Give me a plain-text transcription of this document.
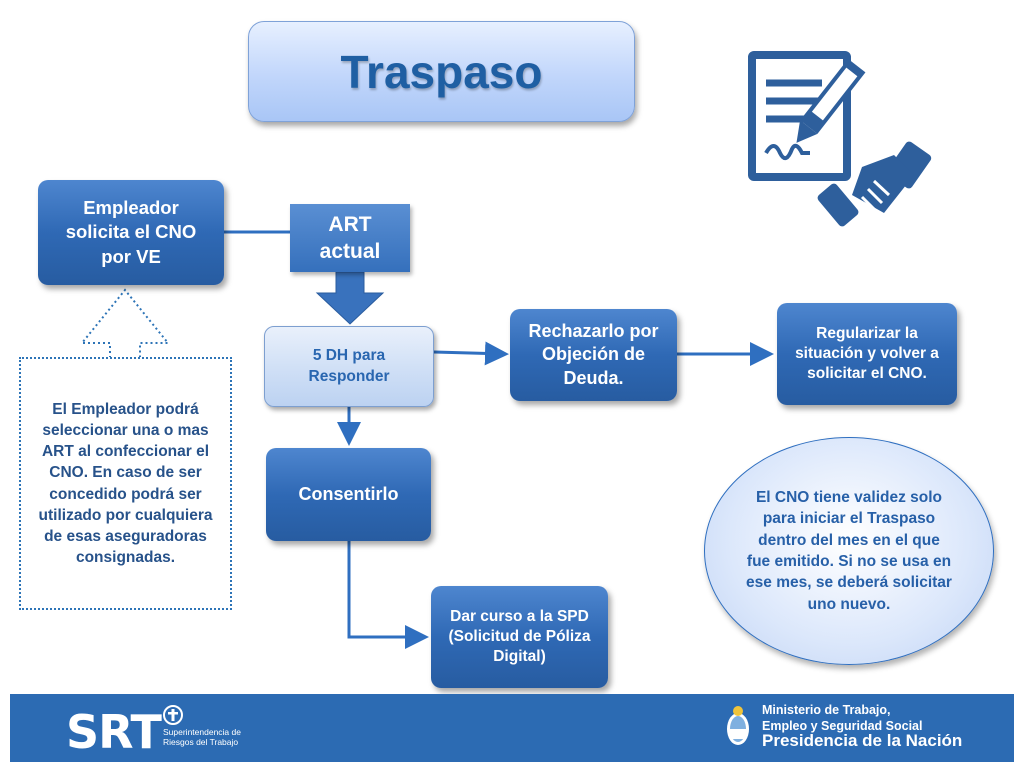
Traspaso
Empleador solicita el CNO por VE
ART actual
5 DH para Responder
Rechazarlo por Objeción de Deuda.
Regularizar la situación y volver a solicitar el CNO.
Consentirlo
Dar curso a la SPD (Solicitud de Póliza Digital)
El Empleador podrá seleccionar una o mas ART al confeccionar el CNO. En caso de ser concedido podrá ser utilizado por cualquiera de esas aseguradoras consignadas.
El CNO tiene validez solo para iniciar el Traspaso dentro del mes en el que fue emitido. Si no se usa en ese mes, se deberá solicitar uno nuevo.
SRT Superintendencia de
Riesgos del Trabajo
Ministerio de Trabajo,
Empleo y Seguridad Social
Presidencia de la Nación
